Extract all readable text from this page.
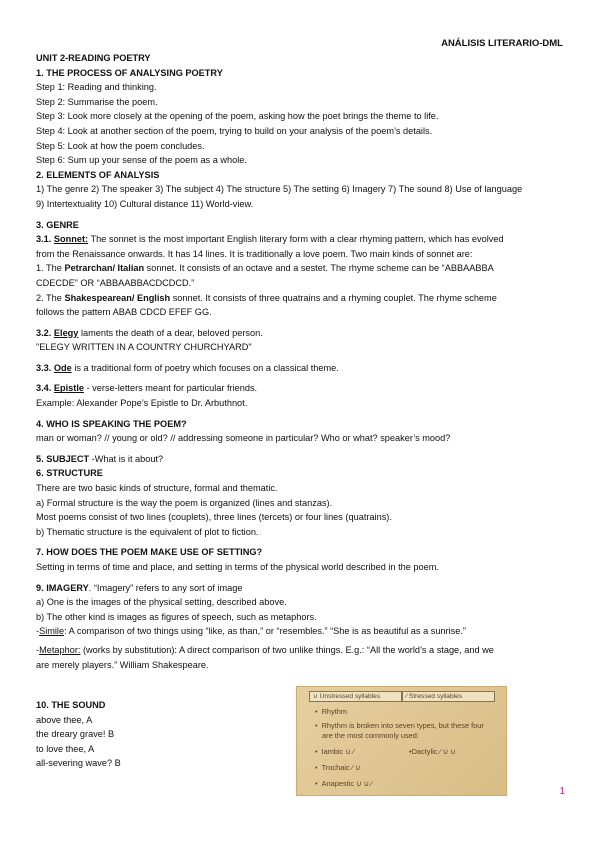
ANÁLISIS LITERARIO-DML

UNIT 2-READING POETRY

1. THE PROCESS OF ANALYSING POETRY

Step 1: Reading and thinking.

Step 2: Summarise the poem.

Step 3: Look more closely at the opening of the poem, asking how the poet brings the theme to life.

Step 4: Look at another section of the poem, trying to build on your analysis of the poem’s details.

Step 5: Look at how the poem concludes.

Step 6: Sum up your sense of the poem as a whole.

2. ELEMENTS OF ANALYSIS

1) The genre 2) The speaker 3) The subject 4) The structure 5) The setting 6) Imagery 7) The sound 8) Use of language

9) Intertextuality 10) Cultural distance 11) World-view.

3. GENRE

3.1. Sonnet: The sonnet is the most important English literary form with a clear rhyming pattern, which has evolved

from the Renaissance onwards. It has 14 lines. It is traditionally a love poem. Two main kinds of sonnet are:

1. The Petrarchan/ Italian sonnet. It consists of an octave and a sestet. The rhyme scheme can be “ABBAABBA

CDECDE” OR “ABBAABBACDCDCD.”

2. The Shakespearean/ English sonnet. It consists of three quatrains and a rhyming couplet. The rhyme scheme

follows the pattern ABAB CDCD EFEF GG.

3.2. Elegy laments the death of a dear, beloved person.

"ELEGY WRITTEN IN A COUNTRY CHURCHYARD"

3.3. Ode is a traditional form of poetry which focuses on a classical theme.

3.4. Epistle - verse-letters meant for particular friends.

Example: Alexander Pope’s Epistle to Dr. Arbuthnot.

4. WHO IS SPEAKING THE POEM?

man or woman? // young or old? // addressing someone in particular? Who or what? speaker’s mood?

5. SUBJECT -What is it about?

6. STRUCTURE

There are two basic kinds of structure, formal and thematic.

a) Formal structure is the way the poem is organized (lines and stanzas).

Most poems consist of two lines (couplets), three lines (tercets) or four lines (quatrains).

b) Thematic structure is the equivalent of plot to fiction.

7. HOW DOES THE POEM MAKE USE OF SETTING?

Setting in terms of time and place, and setting in terms of the physical world described in the poem.

9. IMAGERY. “Imagery” refers to any sort of image

a) One is the images of the physical setting, described above.

b) The other kind is images as figures of speech, such as metaphors.

-Simile: A comparison of two things using “like, as than,” or “resembles.” “She is as beautiful as a sunrise.”

-Metaphor: (works by substitution): A direct comparison of two unlike things. E.g.: “All the world’s a stage, and we

are merely players.” William Shakespeare.

10. THE SOUND

above thee, A

the dreary grave! B

to love thee, A

all-severing wave? B

∪ Unstressed syllables	⁄ Stressed syllables
• Rhythm
• Rhythm is broken into seven types, but these four
are the most commonly used:
• Iambic ∪ ⁄	•Dactylic ⁄ ∪ ∪
• Trochaic ⁄ ∪
• Anapestic ∪ ∪ ⁄
1
